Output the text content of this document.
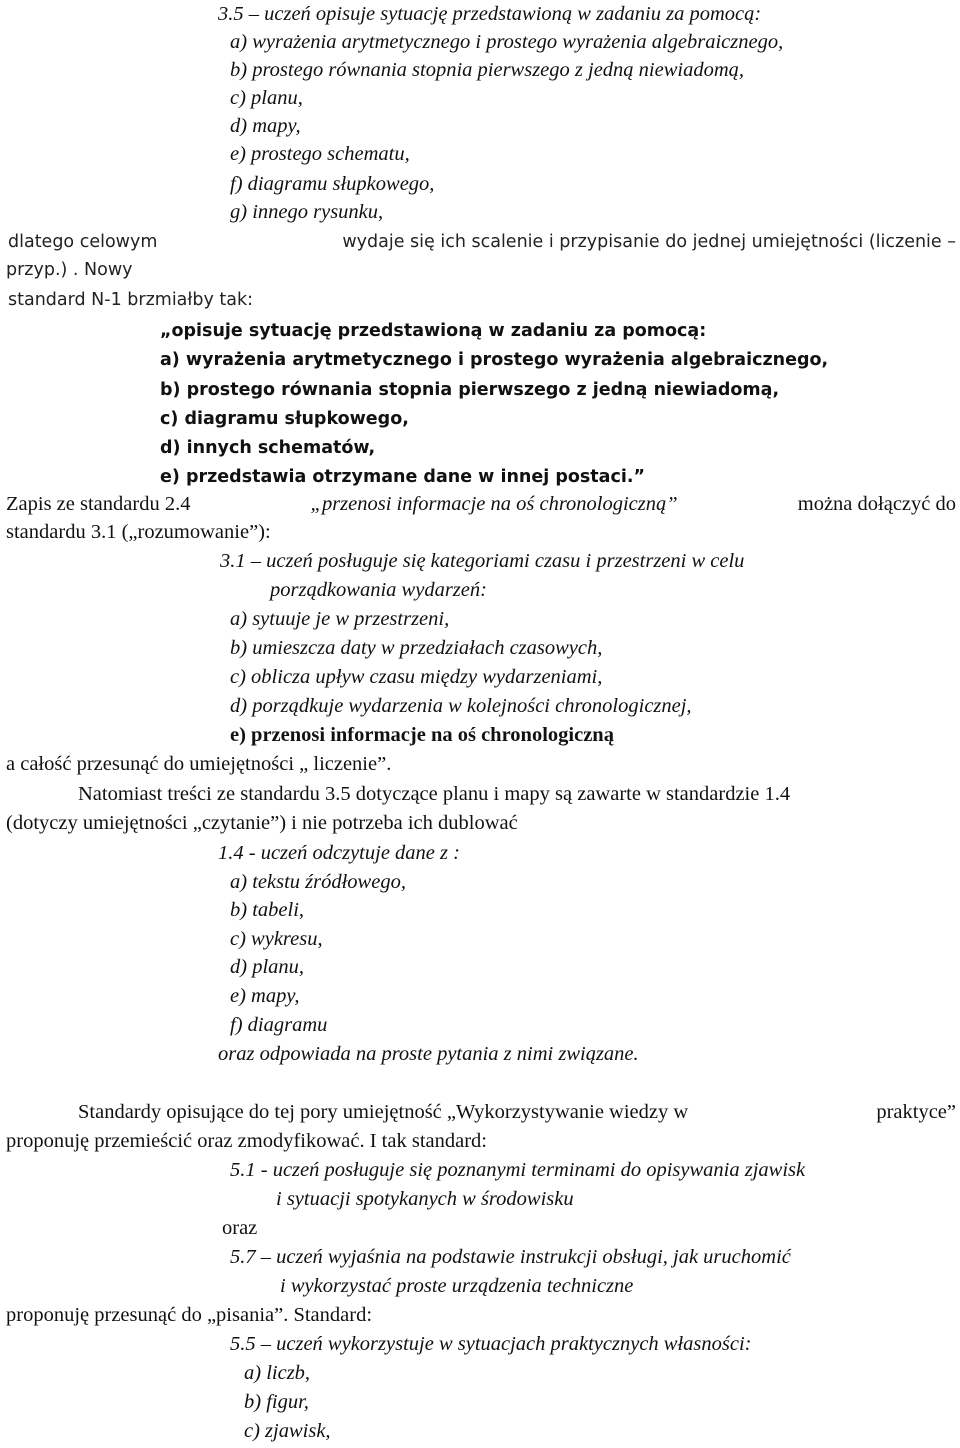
3.5 – uczeń opisuje sytuację przedstawioną w zadaniu za pomocą:
a) wyrażenia arytmetycznego i prostego wyrażenia algebraicznego,
b) prostego równania stopnia pierwszego z jedną niewiadomą,
c) planu,
d) mapy,
e) prostego schematu,
f) diagramu słupkowego,
g) innego rysunku,
dlatego celowym	wydaje się ich scalenie i przypisanie do jednej umiejętności (liczenie –
przyp.) . Nowy
standard N-1 brzmiałby tak:
„opisuje sytuację przedstawioną w zadaniu za pomocą:
a) wyrażenia arytmetycznego i prostego wyrażenia algebraicznego,
b) prostego równania stopnia pierwszego z jedną niewiadomą,
c) diagramu słupkowego,
d) innych schematów,
e) przedstawia otrzymane dane w innej postaci.”
Zapis ze standardu 2.4	„przenosi informacje na oś chronologiczną”	można dołączyć do
standardu 3.1 („rozumowanie”):
3.1 – uczeń posługuje się kategoriami czasu i przestrzeni w celu
porządkowania wydarzeń:
a) sytuuje je w przestrzeni,
b) umieszcza daty w przedziałach czasowych,
c) oblicza upływ czasu między wydarzeniami,
d) porządkuje wydarzenia w kolejności chronologicznej,
e) przenosi informacje na oś chronologiczną
a całość przesunąć do umiejętności „ liczenie”.
Natomiast treści ze standardu 3.5 dotyczące planu i mapy są zawarte w standardzie 1.4
(dotyczy umiejętności „czytanie”) i nie potrzeba ich dublować
1.4 - uczeń odczytuje dane z :
a) tekstu źródłowego,
b) tabeli,
c) wykresu,
d) planu,
e) mapy,
f) diagramu
oraz odpowiada na proste pytania z nimi związane.
Standardy opisujące do tej pory umiejętność „Wykorzystywanie wiedzy w	praktyce”
proponuję przemieścić oraz zmodyfikować. I tak standard:
5.1 - uczeń posługuje się poznanymi terminami do opisywania zjawisk
i sytuacji spotykanych w środowisku
oraz
5.7 – uczeń wyjaśnia na podstawie instrukcji obsługi, jak uruchomić
i wykorzystać proste urządzenia techniczne
proponuję przesunąć do „pisania”. Standard:
5.5 – uczeń wykorzystuje w sytuacjach praktycznych własności:
a) liczb,
b) figur,
c) zjawisk,
